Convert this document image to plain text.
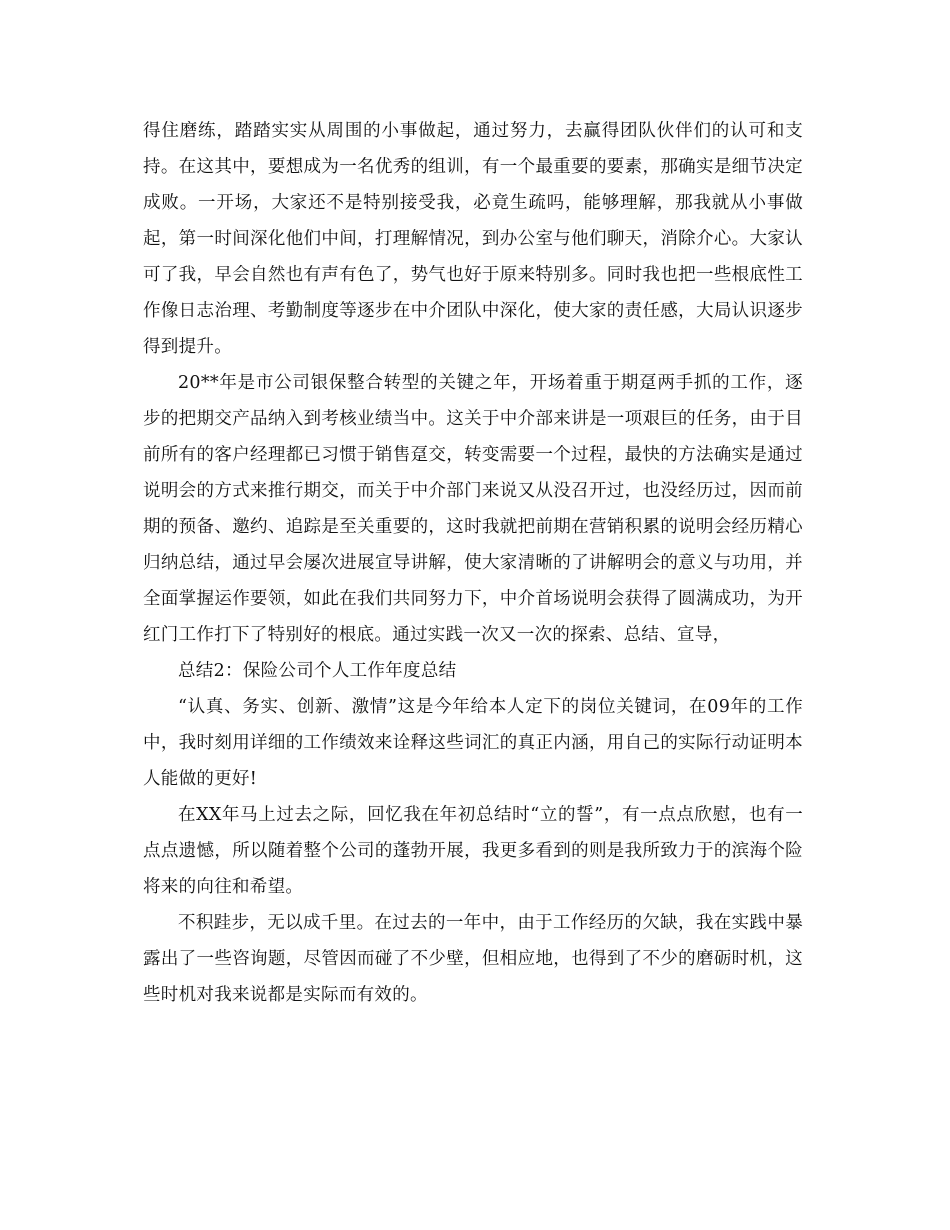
得住磨练，踏踏实实从周围的小事做起，通过努力，去赢得团队伙伴们的认可和支持。在这其中，要想成为一名优秀的组训，有一个最重要的要素，那确实是细节决定成败。一开场，大家还不是特别接受我，必竟生疏吗，能够理解，那我就从小事做起，第一时间深化他们中间，打理解情况，到办公室与他们聊天，消除介心。大家认可了我，早会自然也有声有色了，势气也好于原来特别多。同时我也把一些根底性工作像日志治理、考勤制度等逐步在中介团队中深化，使大家的责任感，大局认识逐步得到提升。

20**年是市公司银保整合转型的关键之年，开场着重于期趸两手抓的工作，逐步的把期交产品纳入到考核业绩当中。这关于中介部来讲是一项艰巨的任务，由于目前所有的客户经理都已习惯于销售趸交，转变需要一个过程，最快的方法确实是通过说明会的方式来推行期交，而关于中介部门来说又从没召开过，也没经历过，因而前期的预备、邀约、追踪是至关重要的，这时我就把前期在营销积累的说明会经历精心归纳总结，通过早会屡次进展宣导讲解，使大家清晰的了讲解明会的意义与功用，并全面掌握运作要领，如此在我们共同努力下，中介首场说明会获得了圆满成功，为开红门工作打下了特别好的根底。通过实践一次又一次的探索、总结、宣导，

总结2：保险公司个人工作年度总结

“认真、务实、创新、激情”这是今年给本人定下的岗位关键词，在09年的工作中，我时刻用详细的工作绩效来诠释这些词汇的真正内涵，用自己的实际行动证明本人能做的更好!

在XX年马上过去之际，回忆我在年初总结时“立的誓”，有一点点欣慰，也有一点点遗憾，所以随着整个公司的蓬勃开展，我更多看到的则是我所致力于的滨海个险将来的向往和希望。

不积跬步，无以成千里。在过去的一年中，由于工作经历的欠缺，我在实践中暴露出了一些咨询题，尽管因而碰了不少壁，但相应地，也得到了不少的磨砺时机，这些时机对我来说都是实际而有效的。
